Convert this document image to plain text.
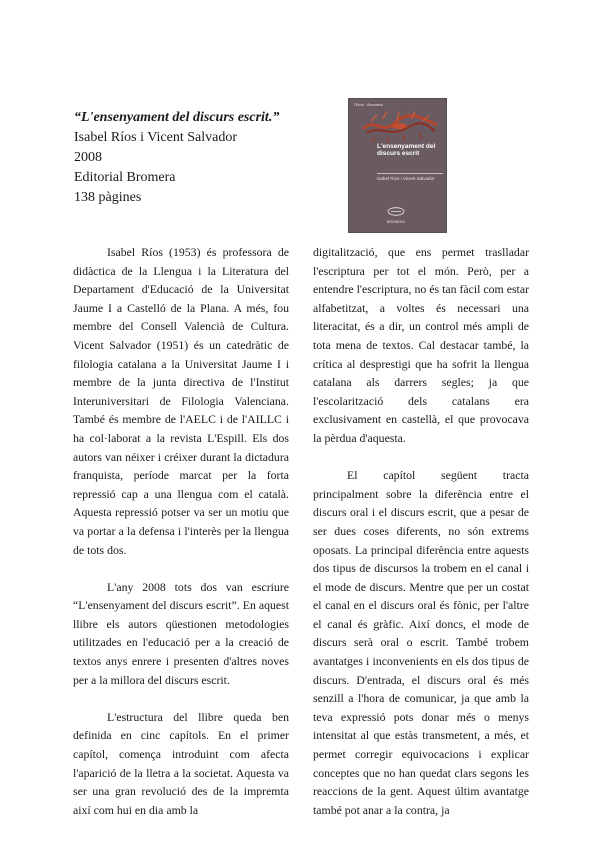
“L'ensenyament del discurs escrit.”
Isabel Ríos i Vicent Salvador
2008
Editorial Bromera
138 pàgines
l'Eina · Bromera
L'ensenyament del discurs escrit
Isabel Ríos i Vicent Salvador
BROMERA

Isabel Ríos (1953) és professora de didàctica de la Llengua i la Literatura del Departament d'Educació de la Universitat Jaume I a Castelló de la Plana. A més, fou membre del Consell Valencià de Cultura. Vicent Salvador (1951) és un catedràtic de filologia catalana a la Universitat Jaume I i membre de la junta directiva de l'Institut Interuniversitari de Filologia Valenciana. També és membre de l'AELC i de l'AILLC i ha col·laborat a la revista L'Espill. Els dos autors van néixer i créixer durant la dictadura franquista, període marcat per la forta repressió cap a una llengua com el català. Aquesta repressió potser va ser un motiu que va portar a la defensa i l'interès per la llengua de tots dos.

L'any 2008 tots dos van escriure “L'ensenyament del discurs escrit”. En aquest llibre els autors qüestionen metodologies utilitzades en l'educació per a la creació de textos anys enrere i presenten d'altres noves per a la millora del discurs escrit.

L'estructura del llibre queda ben definida en cinc capítols. En el primer capítol, comença introduint com afecta l'aparició de la lletra a la societat. Aquesta va ser una gran revolució des de la impremta així com hui en dia amb la

digitalització, que ens permet traslladar l'escriptura per tot el món. Però, per a entendre l'escriptura, no és tan fàcil com estar alfabetitzat, a voltes és necessari una literacitat, és a dir, un control més ampli de tota mena de textos. Cal destacar també, la crítica al desprestigi que ha sofrit la llengua catalana als darrers segles; ja que l'escolarització dels catalans era exclusivament en castellà, el que provocava la pèrdua d'aquesta.

El capítol següent tracta principalment sobre la diferència entre el discurs oral i el discurs escrit, que a pesar de ser dues coses diferents, no són extrems oposats. La principal diferència entre aquests dos tipus de discursos la trobem en el canal i el mode de discurs. Mentre que per un costat el canal en el discurs oral és fònic, per l'altre el canal és gràfic. Així doncs, el mode de discurs serà oral o escrit. També trobem avantatges i inconvenients en els dos tipus de discurs. D'entrada, el discurs oral és més senzill a l'hora de comunicar, ja que amb la teva expressió pots donar més o menys intensitat al que estàs transmetent, a més, et permet corregir equivocacions i explicar conceptes que no han quedat clars segons les reaccions de la gent. Aquest últim avantatge també pot anar a la contra, ja
